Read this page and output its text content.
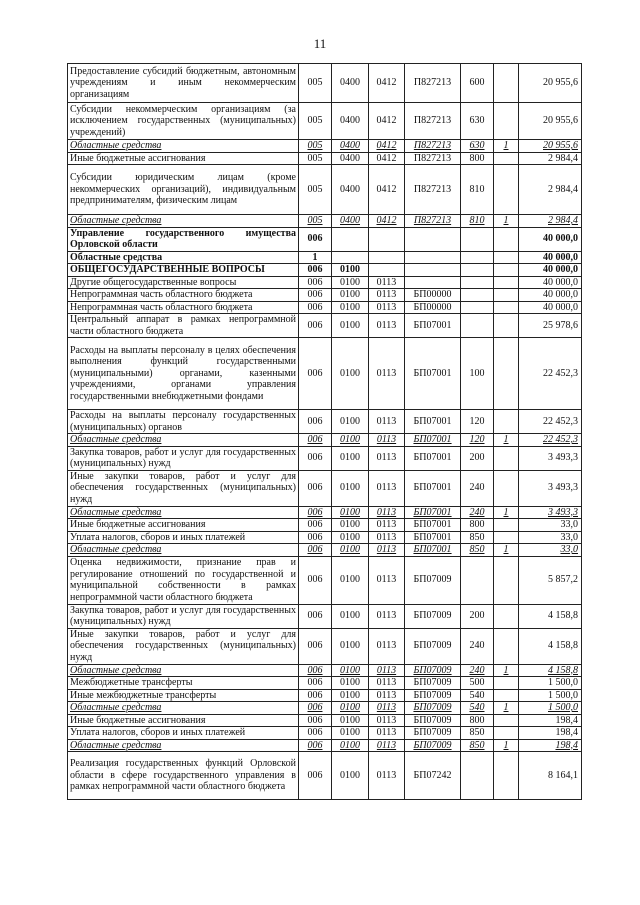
11
Предоставление субсидий бюджетным, автономным учреждениям и иным некоммерческим организациям	005	0400	0412	П827213	600		20 955,6
Субсидии некоммерческим организациям (за исключением государственных (муниципальных) учреждений)	005	0400	0412	П827213	630		20 955,6
Областные средства	005	0400	0412	П827213	630	1	20 955,6
Иные бюджетные ассигнования	005	0400	0412	П827213	800		2 984,4
Субсидии юридическим лицам (кроме некоммерческих организаций), индивидуальным предпринимателям, физическим лицам	005	0400	0412	П827213	810		2 984,4
Областные средства	005	0400	0412	П827213	810	1	2 984,4
Управление государственного имущества Орловской области	006						40 000,0
Областные средства	1						40 000,0
ОБЩЕГОСУДАРСТВЕННЫЕ ВОПРОСЫ	006	0100					40 000,0
Другие общегосударственные вопросы	006	0100	0113				40 000,0
Непрограммная часть областного бюджета	006	0100	0113	БП00000			40 000,0
Непрограммная часть областного бюджета	006	0100	0113	БП00000			40 000,0
Центральный аппарат в рамках непрограммной части областного бюджета	006	0100	0113	БП07001			25 978,6
Расходы на выплаты персоналу в целях обеспечения выполнения функций государственными (муниципальными) органами, казенными учреждениями, органами управления государственными внебюджетными фондами	006	0100	0113	БП07001	100		22 452,3
Расходы на выплаты персоналу государственных (муниципальных) органов	006	0100	0113	БП07001	120		22 452,3
Областные средства	006	0100	0113	БП07001	120	1	22 452,3
Закупка товаров, работ и услуг для государственных (муниципальных) нужд	006	0100	0113	БП07001	200		3 493,3
Иные закупки товаров, работ и услуг для обеспечения государственных (муниципальных) нужд	006	0100	0113	БП07001	240		3 493,3
Областные средства	006	0100	0113	БП07001	240	1	3 493,3
Иные бюджетные ассигнования	006	0100	0113	БП07001	800		33,0
Уплата налогов, сборов и иных платежей	006	0100	0113	БП07001	850		33,0
Областные средства	006	0100	0113	БП07001	850	1	33,0
Оценка недвижимости, признание прав и регулирование отношений по государственной и муниципальной собственности в рамках непрограммной части областного бюджета	006	0100	0113	БП07009			5 857,2
Закупка товаров, работ и услуг для государственных (муниципальных) нужд	006	0100	0113	БП07009	200		4 158,8
Иные закупки товаров, работ и услуг для обеспечения государственных (муниципальных) нужд	006	0100	0113	БП07009	240		4 158,8
Областные средства	006	0100	0113	БП07009	240	1	4 158,8
Межбюджетные трансферты	006	0100	0113	БП07009	500		1 500,0
Иные межбюджетные трансферты	006	0100	0113	БП07009	540		1 500,0
Областные средства	006	0100	0113	БП07009	540	1	1 500,0
Иные бюджетные ассигнования	006	0100	0113	БП07009	800		198,4
Уплата налогов, сборов и иных платежей	006	0100	0113	БП07009	850		198,4
Областные средства	006	0100	0113	БП07009	850	1	198,4
Реализация государственных функций Орловской области в сфере государственного управления в рамках непрограммной части областного бюджета	006	0100	0113	БП07242			8 164,1
